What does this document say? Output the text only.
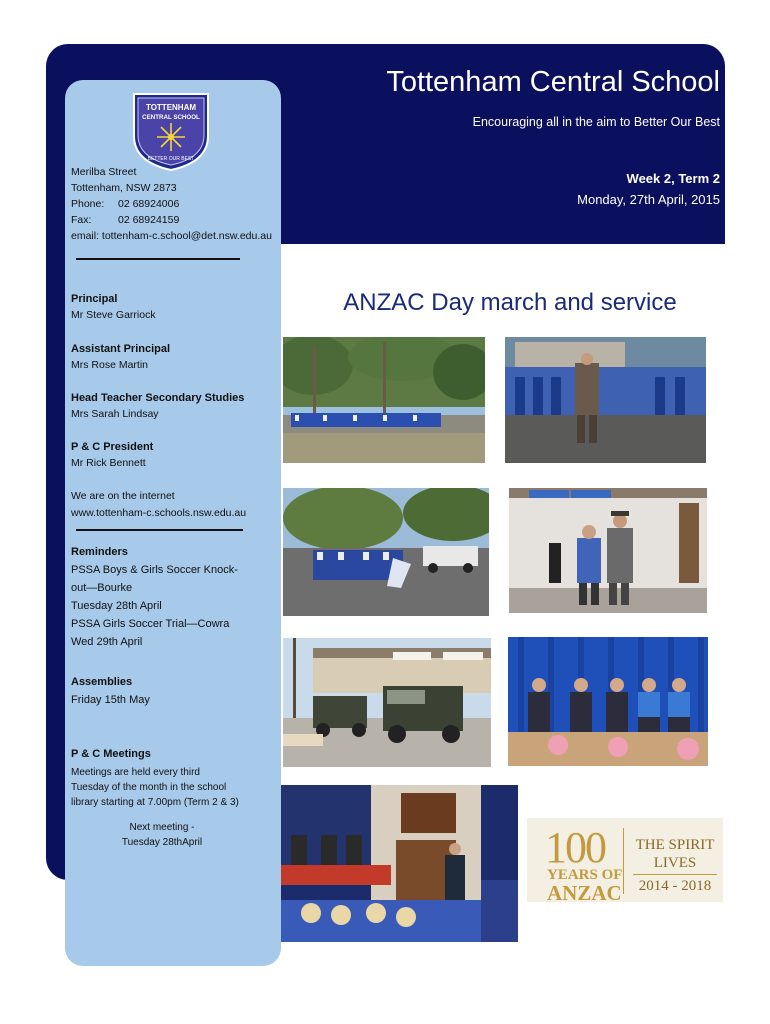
Tottenham Central School
Encouraging all in the aim to Better Our Best
Week 2, Term 2
Monday, 27th April, 2015
TOTTENHAM
CENTRAL SCHOOL
BETTER OUR BEST
Merilba Street
Tottenham, NSW 2873
Phone: 02 68924006
Fax:	02 68924159
email: tottenham-c.school@det.nsw.edu.au
Principal
Mr Steve Garriock
Assistant Principal
Mrs Rose Martin
Head Teacher Secondary Studies
Mrs Sarah Lindsay
P & C President
Mr Rick Bennett
We are on the internet
www.tottenham-c.schools.nsw.edu.au
Reminders
PSSA Boys & Girls Soccer Knock-
out—Bourke
Tuesday 28th April
PSSA Girls Soccer Trial—Cowra
Wed 29th April
Assemblies
Friday 15th May
P & C Meetings
Meetings are held every third
Tuesday of the month in the school
library starting at 7.00pm (Term 2 & 3)
Next meeting -
Tuesday 28thApril
ANZAC Day march and service
100
YEARS OF
ANZAC
THE SPIRIT
LIVES
2014 - 2018
